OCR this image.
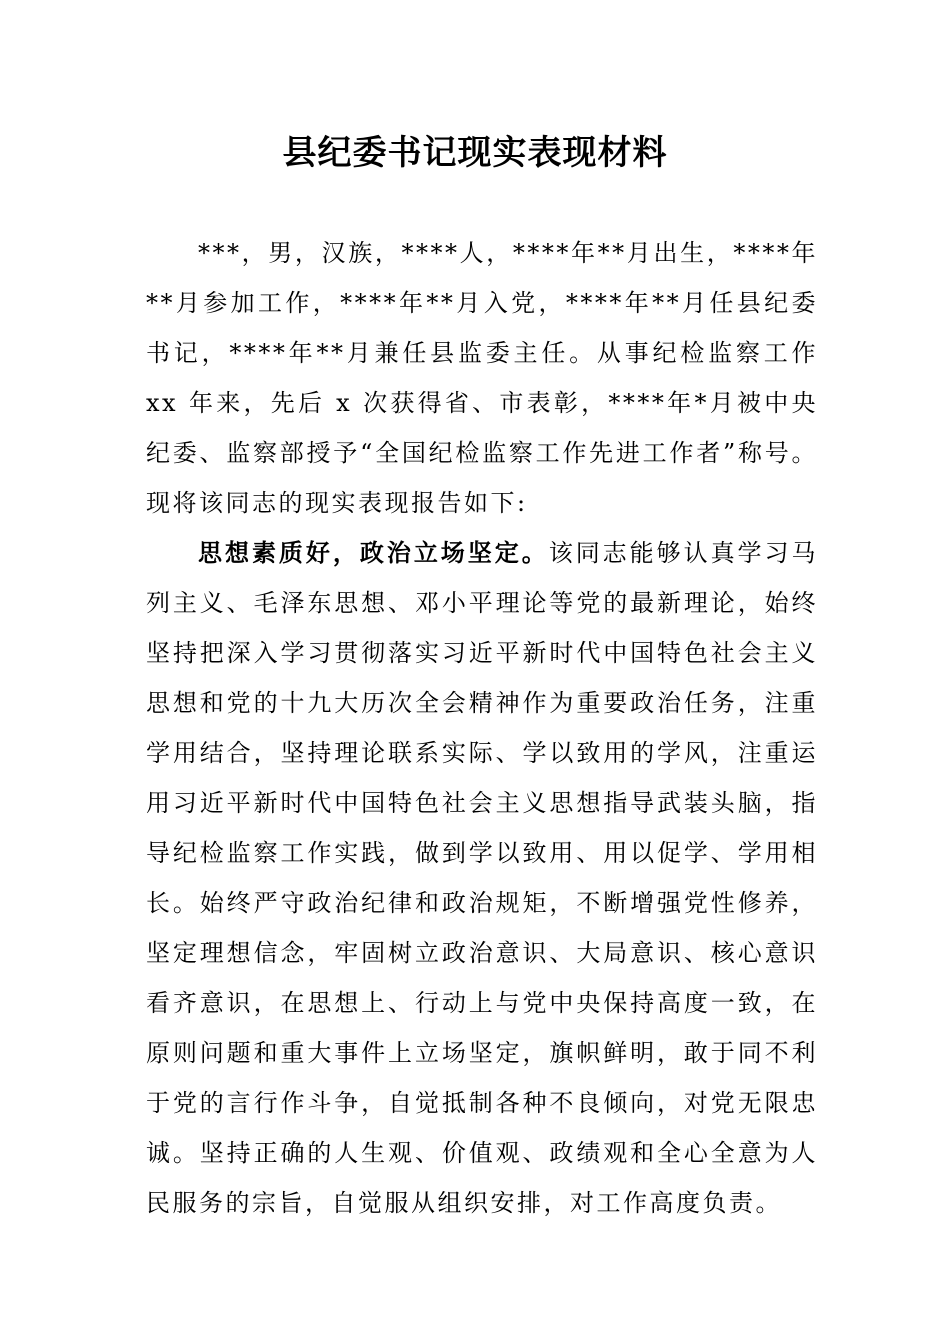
县纪委书记现实表现材料

***，男，汉族，****人，****年**月出生，****年**月参加工作，****年**月入党，****年**月任县纪委书记，****年**月兼任县监委主任。从事纪检监察工作 xx 年来，先后 x 次获得省、市表彰，****年*月被中央纪委、监察部授予“全国纪检监察工作先进工作者”称号。现将该同志的现实表现报告如下:

思想素质好，政治立场坚定。该同志能够认真学习马列主义、毛泽东思想、邓小平理论等党的最新理论，始终坚持把深入学习贯彻落实习近平新时代中国特色社会主义思想和党的十九大历次全会精神作为重要政治任务，注重学用结合，坚持理论联系实际、学以致用的学风，注重运用习近平新时代中国特色社会主义思想指导武装头脑，指导纪检监察工作实践，做到学以致用、用以促学、学用相长。始终严守政治纪律和政治规矩，不断增强党性修养，坚定理想信念，牢固树立政治意识、大局意识、核心意识看齐意识，在思想上、行动上与党中央保持高度一致，在原则问题和重大事件上立场坚定，旗帜鲜明，敢于同不利于党的言行作斗争，自觉抵制各种不良倾向，对党无限忠诚。坚持正确的人生观、价值观、政绩观和全心全意为人民服务的宗旨，自觉服从组织安排，对工作高度负责。
